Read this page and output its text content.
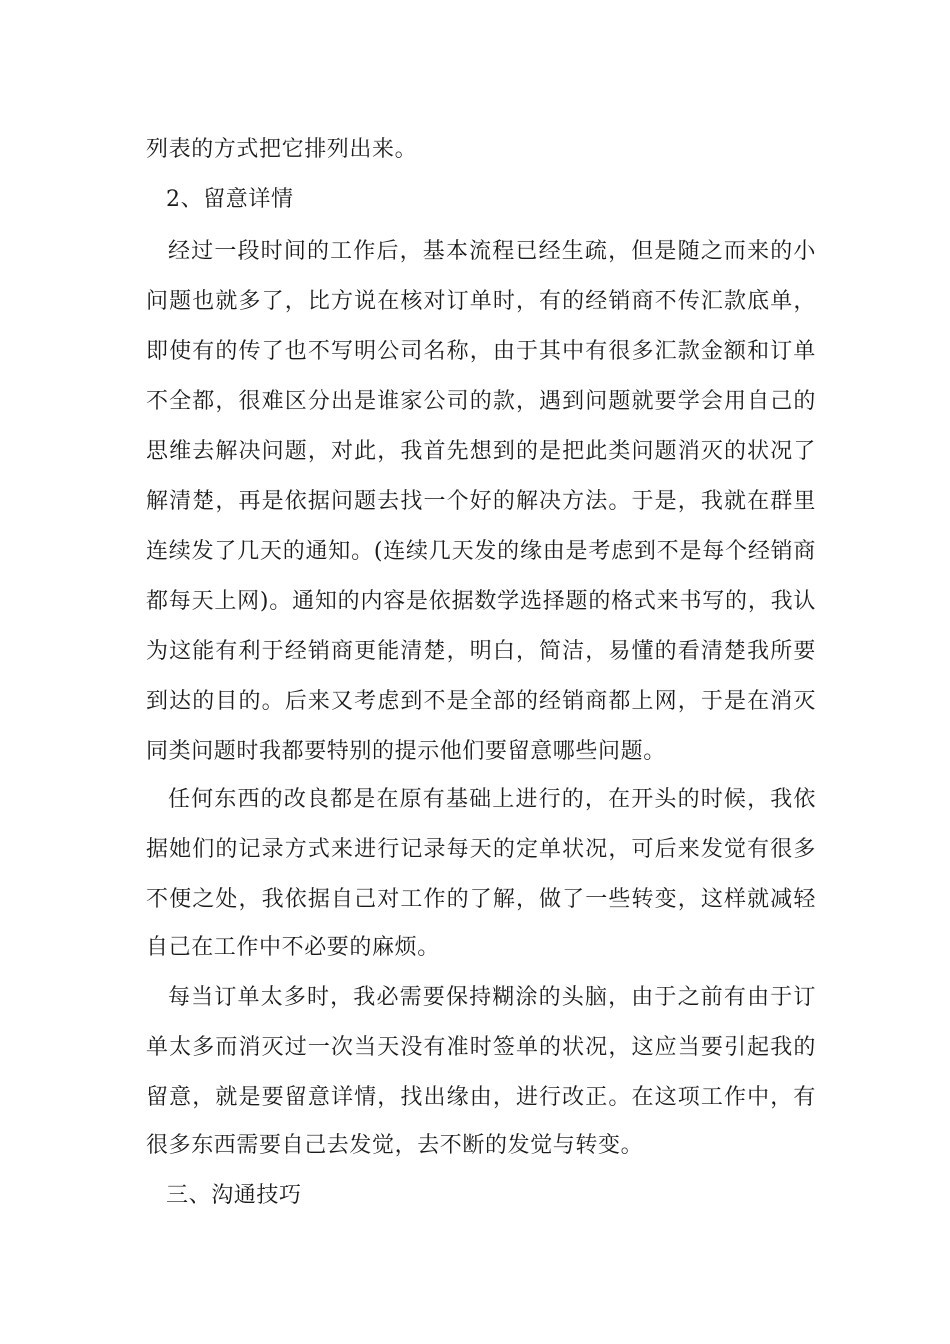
列表的方式把它排列出来。
2、留意详情
经过一段时间的工作后，基本流程已经生疏，但是随之而来的小
问题也就多了，比方说在核对订单时，有的经销商不传汇款底单，
即使有的传了也不写明公司名称，由于其中有很多汇款金额和订单
不全都，很难区分出是谁家公司的款，遇到问题就要学会用自己的
思维去解决问题，对此，我首先想到的是把此类问题消灭的状况了
解清楚，再是依据问题去找一个好的解决方法。于是，我就在群里
连续发了几天的通知。(连续几天发的缘由是考虑到不是每个经销商
都每天上网)。通知的内容是依据数学选择题的格式来书写的，我认
为这能有利于经销商更能清楚，明白，简洁，易懂的看清楚我所要
到达的目的。后来又考虑到不是全部的经销商都上网，于是在消灭
同类问题时我都要特别的提示他们要留意哪些问题。
任何东西的改良都是在原有基础上进行的，在开头的时候，我依
据她们的记录方式来进行记录每天的定单状况，可后来发觉有很多
不便之处，我依据自己对工作的了解，做了一些转变，这样就减轻
自己在工作中不必要的麻烦。
每当订单太多时，我必需要保持糊涂的头脑，由于之前有由于订
单太多而消灭过一次当天没有准时签单的状况，这应当要引起我的
留意，就是要留意详情，找出缘由，进行改正。在这项工作中，有
很多东西需要自己去发觉，去不断的发觉与转变。
三、沟通技巧
